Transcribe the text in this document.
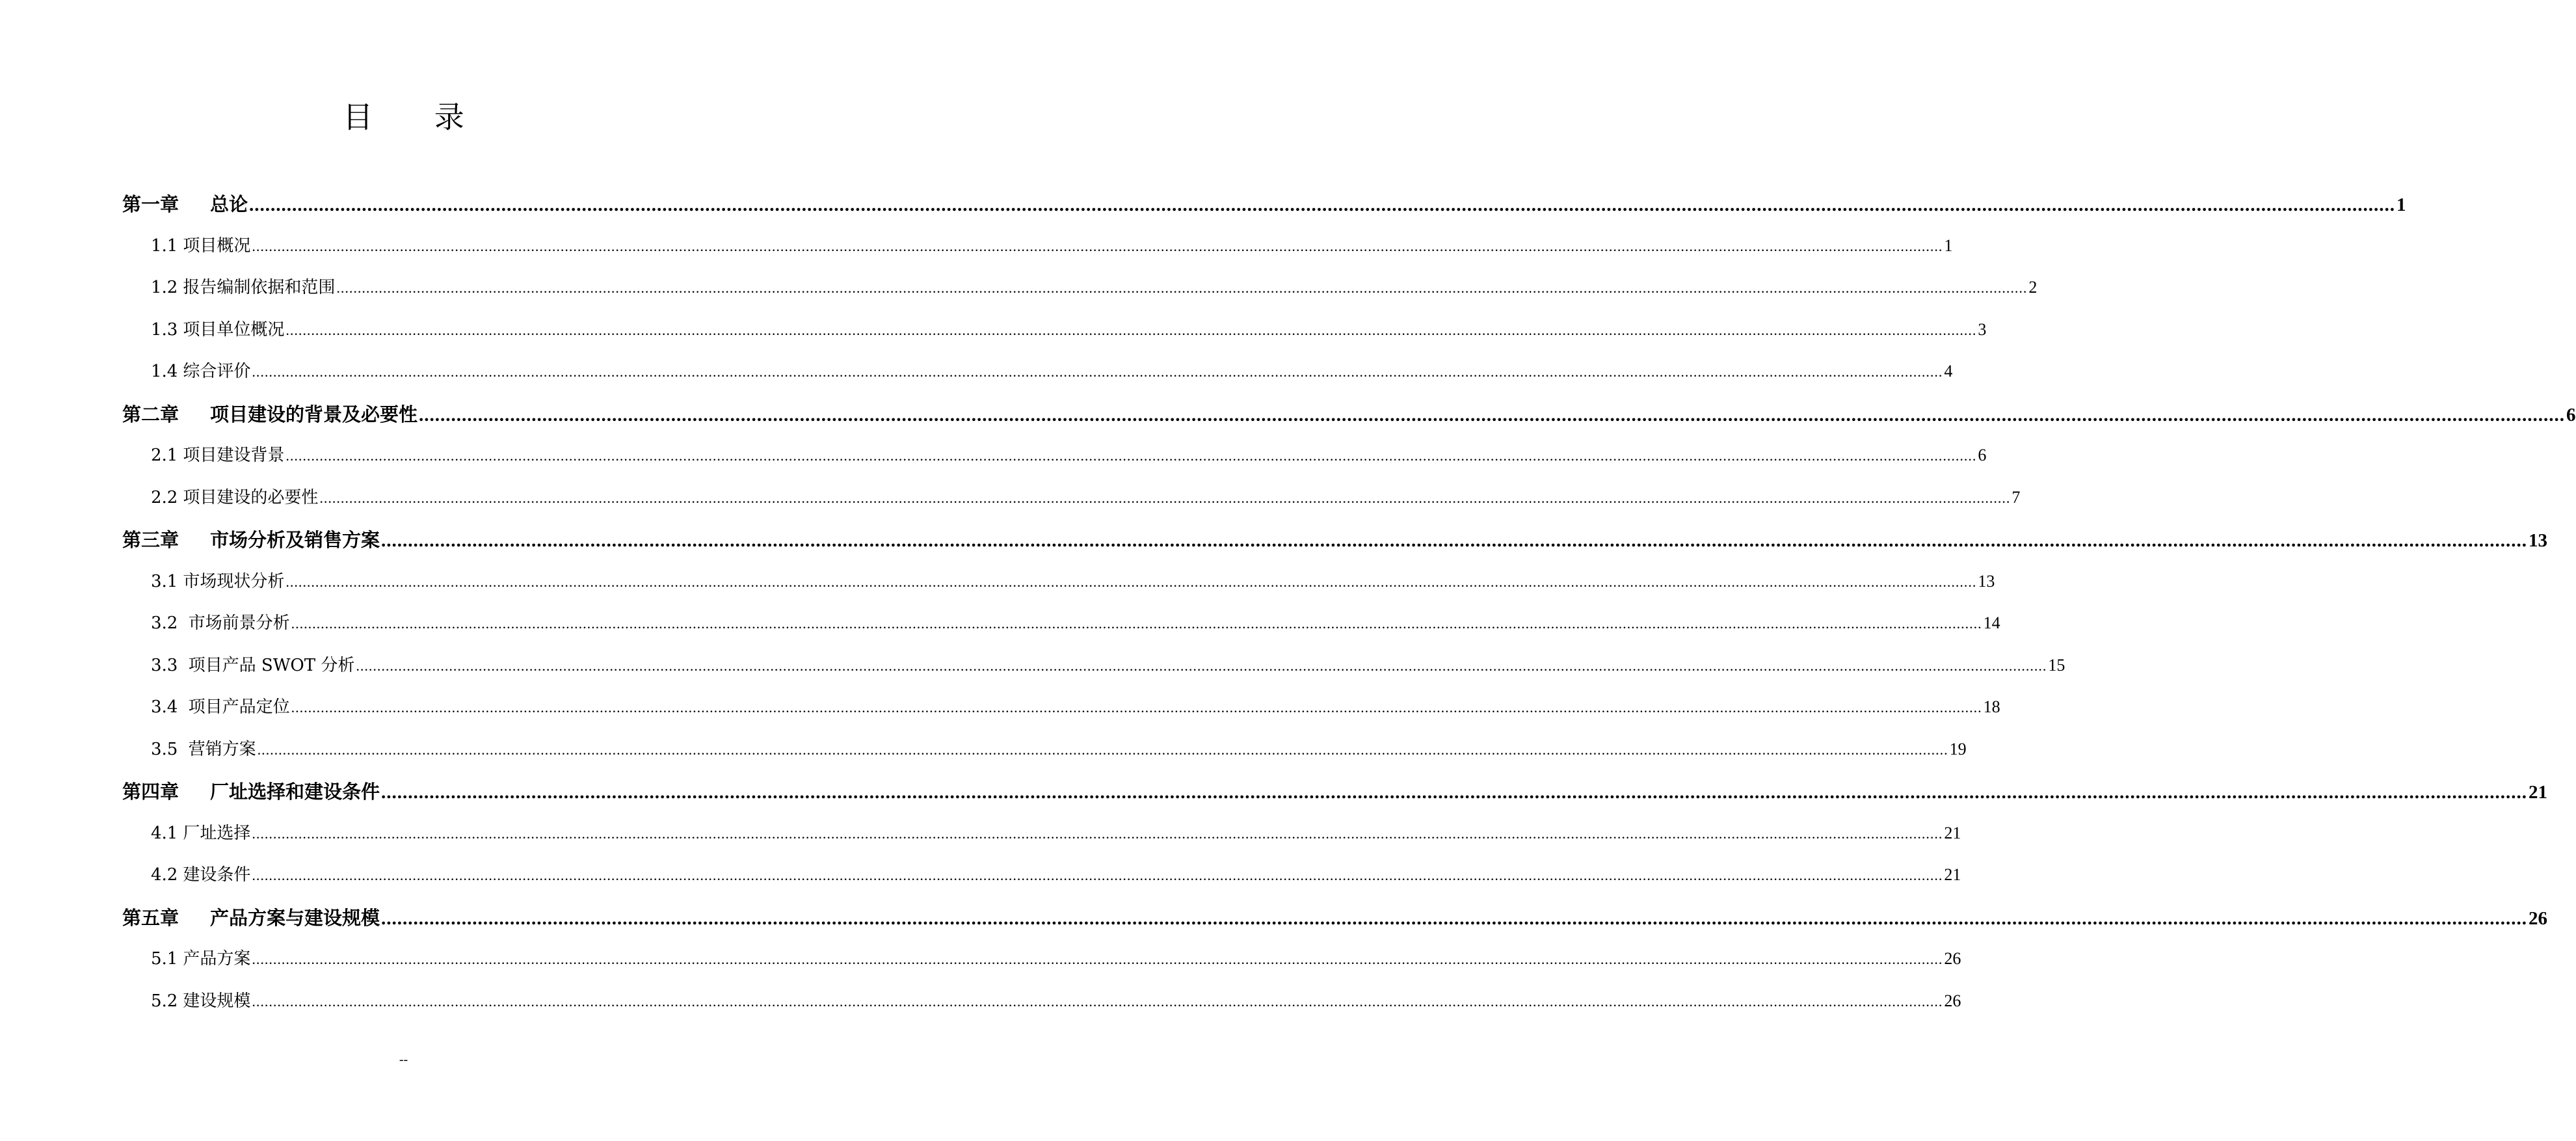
目 录
第一章 总论 ................................................................................................................................................................................................................................................................................................................................................................................................................ 1
1.1 项目概况 ................................................................................................................................................................................................................................................................................................................................................................................................................ 1
1.2 报告编制依据和范围 ................................................................................................................................................................................................................................................................................................................................................................................................................ 2
1.3 项目单位概况 ................................................................................................................................................................................................................................................................................................................................................................................................................ 3
1.4 综合评价 ................................................................................................................................................................................................................................................................................................................................................................................................................ 4
第二章 项目建设的背景及必要性 ................................................................................................................................................................................................................................................................................................................................................................................................................ 6
2.1 项目建设背景 ................................................................................................................................................................................................................................................................................................................................................................................................................ 6
2.2 项目建设的必要性 ................................................................................................................................................................................................................................................................................................................................................................................................................ 7
第三章 市场分析及销售方案 ................................................................................................................................................................................................................................................................................................................................................................................................................ 13
3.1 市场现状分析 ................................................................................................................................................................................................................................................................................................................................................................................................................ 13
3.2 市场前景分析 ................................................................................................................................................................................................................................................................................................................................................................................................................ 14
3.3 项目产品 SWOT 分析 ................................................................................................................................................................................................................................................................................................................................................................................................................ 15
3.4 项目产品定位 ................................................................................................................................................................................................................................................................................................................................................................................................................ 18
3.5 营销方案 ................................................................................................................................................................................................................................................................................................................................................................................................................ 19
第四章 厂址选择和建设条件 ................................................................................................................................................................................................................................................................................................................................................................................................................ 21
4.1 厂址选择 ................................................................................................................................................................................................................................................................................................................................................................................................................ 21
4.2 建设条件 ................................................................................................................................................................................................................................................................................................................................................................................................................ 21
第五章 产品方案与建设规模 ................................................................................................................................................................................................................................................................................................................................................................................................................ 26
5.1 产品方案 ................................................................................................................................................................................................................................................................................................................................................................................................................ 26
5.2 建设规模 ................................................................................................................................................................................................................................................................................................................................................................................................................ 26
--
